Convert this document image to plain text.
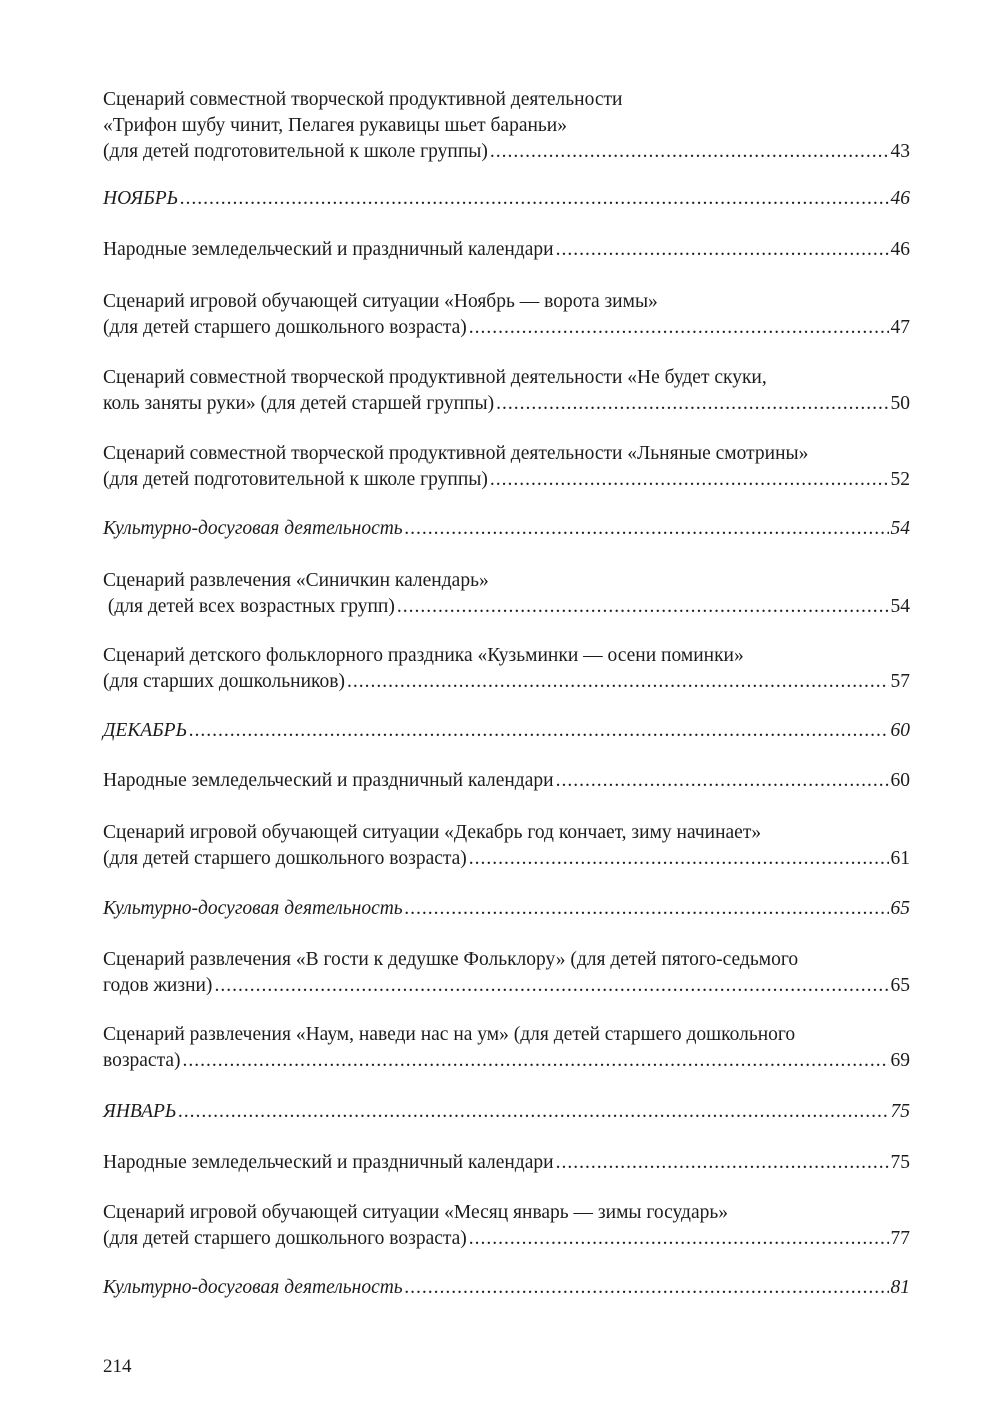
Сценарий совместной творческой продуктивной деятельности
«Трифон шубу чинит, Пелагея рукавицы шьет бараньи»
(для детей подготовительной к школе группы) .....	43
НОЯБРЬ .....	46
Народные земледельческий и праздничный календари .....	46
Сценарий игровой обучающей ситуации «Ноябрь — ворота зимы»
(для детей старшего дошкольного возраста) .....	47
Сценарий совместной творческой продуктивной деятельности «Не будет скуки,
коль заняты руки» (для детей старшей группы) .....	50
Сценарий совместной творческой продуктивной деятельности «Льняные смотрины»
(для детей подготовительной к школе группы) .....	52
Культурно-досуговая деятельность .....	54
Сценарий развлечения «Синичкин календарь»
(для детей всех возрастных групп) .....	54
Сценарий детского фольклорного праздника «Кузьминки — осени поминки»
(для старших дошкольников) .....	57
ДЕКАБРЬ .....	60
Народные земледельческий и праздничный календари .....	60
Сценарий игровой обучающей ситуации «Декабрь год кончает, зиму начинает»
(для детей старшего дошкольного возраста) .....	61
Культурно-досуговая деятельность .....	65
Сценарий развлечения «В гости к дедушке Фольклору» (для детей пятого-седьмого
годов жизни) .....	65
Сценарий развлечения «Наум, наведи нас на ум» (для детей старшего дошкольного
возраста) .....	69
ЯНВАРЬ .....	75
Народные земледельческий и праздничный календари .....	75
Сценарий игровой обучающей ситуации «Месяц январь — зимы государь»
(для детей старшего дошкольного возраста) .....	77
Культурно-досуговая деятельность .....	81
214
